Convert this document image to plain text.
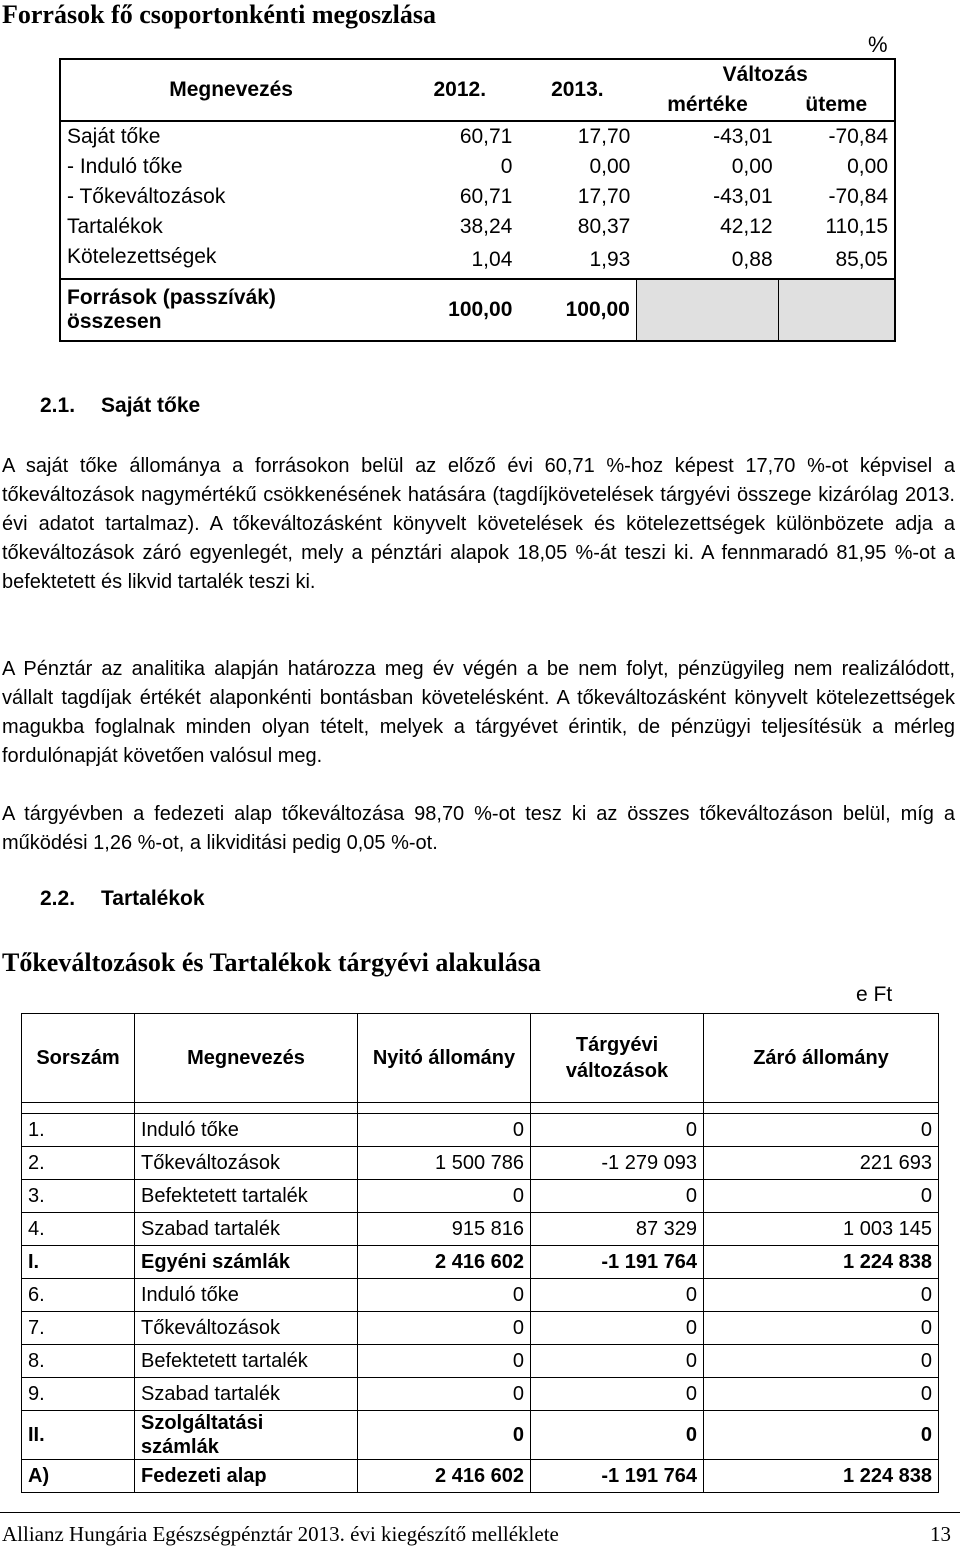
Források fő csoportonkénti megoszlása
%
Megnevezés	2012.	2013.	Változás	
			mértéke	üteme
Saját tőke	60,71	17,70	-43,01	-70,84
- Induló tőke	0	0,00	0,00	0,00
- Tőkeváltozások	60,71	17,70	-43,01	-70,84
Tartalékok	38,24	80,37	42,12	110,15
Kötelezettségek	1,04	1,93	0,88	85,05
Források (passzívák)
összesen	100,00	100,00		
2.1. Saját tőke

A saját tőke állománya a forrásokon belül az előző évi 60,71 %-hoz képest 17,70 %-ot képvisel a tőkeváltozások nagymértékű csökkenésének hatására (tagdíjkövetelések tárgyévi összege kizárólag 2013. évi adatot tartalmaz). A tőkeváltozásként könyvelt követelések és kötelezettségek különbözete adja a tőkeváltozások záró egyenlegét, mely a pénztári alapok 18,05 %-át teszi ki. A fennmaradó 81,95 %-ot a befektetett és likvid tartalék teszi ki.

A Pénztár az analitika alapján határozza meg év végén a be nem folyt, pénzügyileg nem realizálódott, vállalt tagdíjak értékét alaponkénti bontásban követelésként. A tőkeváltozásként könyvelt kötelezettségek magukba foglalnak minden olyan tételt, melyek a tárgyévet érintik, de pénzügyi teljesítésük a mérleg fordulónapját követően valósul meg.

A tárgyévben a fedezeti alap tőkeváltozása 98,70 %-ot tesz ki az összes tőkeváltozáson belül, míg a működési 1,26 %-ot, a likviditási pedig 0,05 %-ot.

2.2. Tartalékok
Tőkeváltozások és Tartalékok tárgyévi alakulása
e Ft
Sorszám	Megnevezés	Nyitó állomány	Tárgyévi változások	Záró állomány

1.	Induló tőke	0	0	0
2.	Tőkeváltozások	1 500 786	-1 279 093	221 693
3.	Befektetett tartalék	0	0	0
4.	Szabad tartalék	915 816	87 329	1 003 145
I.	Egyéni számlák	2 416 602	-1 191 764	1 224 838
6.	Induló tőke	0	0	0
7.	Tőkeváltozások	0	0	0
8.	Befektetett tartalék	0	0	0
9.	Szabad tartalék	0	0	0
II.	Szolgáltatási
számlák	0	0	0
A)	Fedezeti alap	2 416 602	-1 191 764	1 224 838
Allianz Hungária Egészségpénztár 2013. évi kiegészítő melléklete	13
